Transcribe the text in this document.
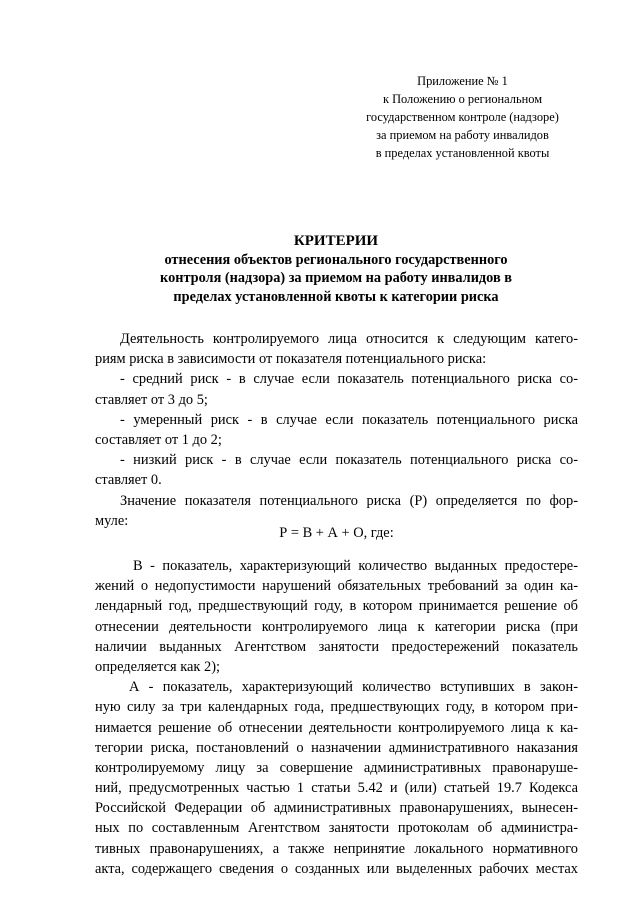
Приложение № 1
к Положению о региональном
государственном контроле (надзоре)
за приемом на работу инвалидов
в пределах установленной квоты
КРИТЕРИИ
отнесения объектов регионального государственного
контроля (надзора) за приемом на работу инвалидов в
пределах установленной квоты к категории риска
Деятельность контролируемого лица относится к следующим катего-
риям риска в зависимости от показателя потенциального риска:
- средний риск - в случае если показатель потенциального риска со-
ставляет от 3 до 5;
- умеренный риск - в случае если показатель потенциального риска
составляет от 1 до 2;
- низкий риск - в случае если показатель потенциального риска со-
ставляет 0.
Значение показателя потенциального риска (Р) определяется по фор-
муле:
Р = В + А + О, где:
В - показатель, характеризующий количество выданных предостере-
жений о недопустимости нарушений обязательных требований за один ка-
лендарный год, предшествующий году, в котором принимается решение об
отнесении деятельности контролируемого лица к категории риска (при
наличии выданных Агентством занятости предостережений показатель
определяется как 2);
А - показатель, характеризующий количество вступивших в закон-
ную силу за три календарных года, предшествующих году, в котором при-
нимается решение об отнесении деятельности контролируемого лица к ка-
тегории риска, постановлений о назначении административного наказания
контролируемому лицу за совершение административных правонаруше-
ний, предусмотренных частью 1 статьи 5.42 и (или) статьей 19.7 Кодекса
Российской Федерации об административных правонарушениях, вынесен-
ных по составленным Агентством занятости протоколам об администра-
тивных правонарушениях, а также непринятие локального нормативного
акта, содержащего сведения о созданных или выделенных рабочих местах
